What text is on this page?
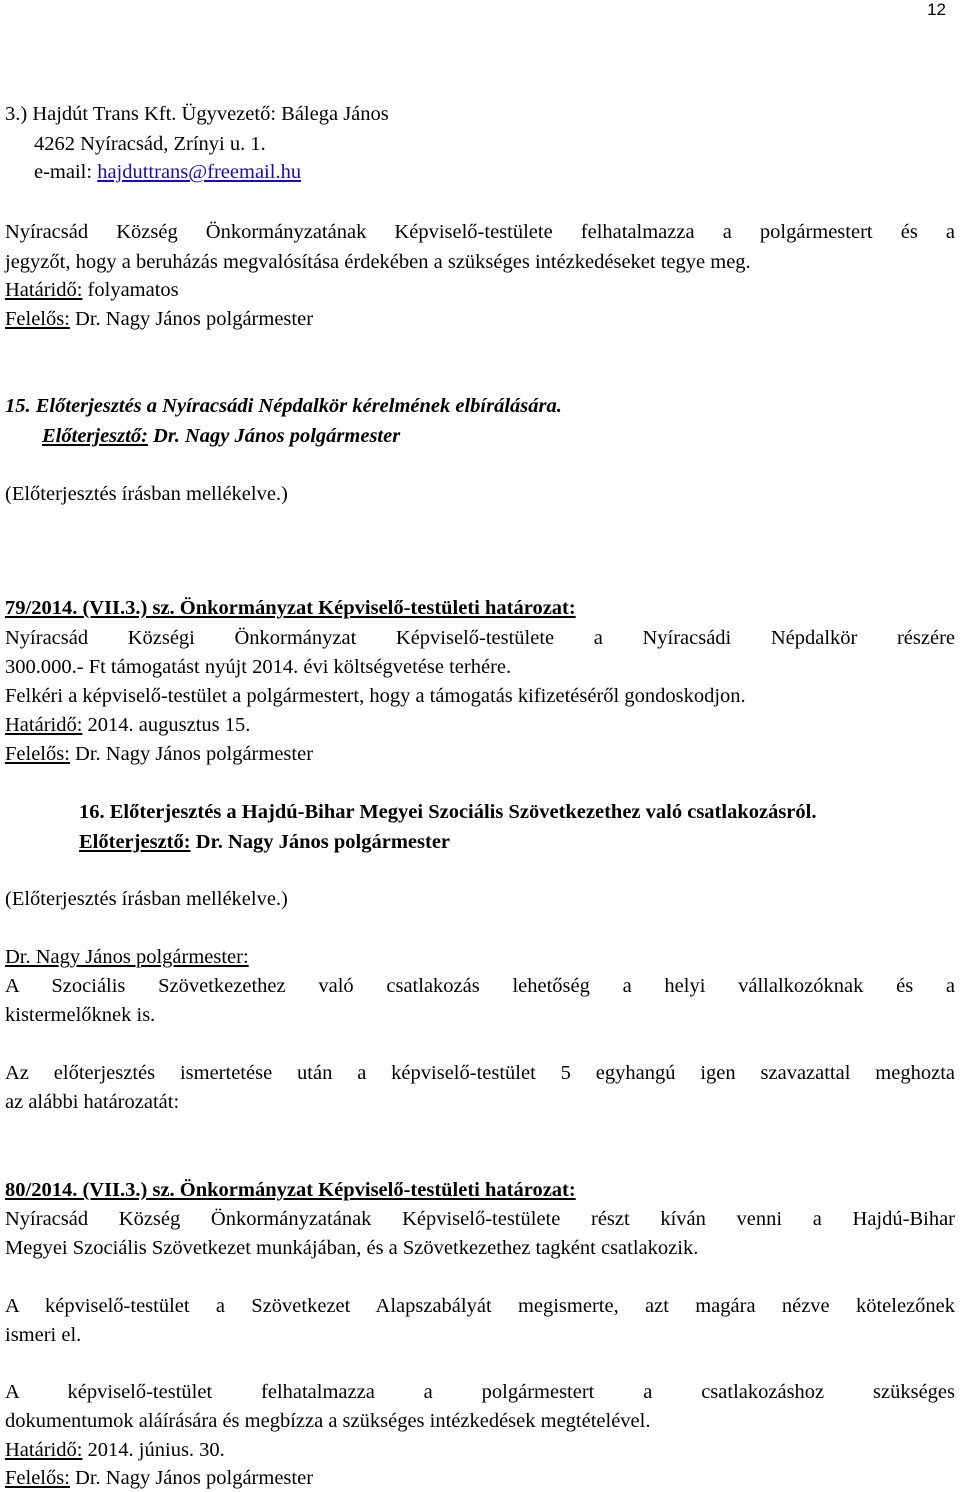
12
3.) Hajdút Trans Kft. Ügyvezető: Bálega János
4262 Nyíracsád, Zrínyi u. 1.
e-mail: hajduttrans@freemail.hu
Nyíracsád Község Önkormányzatának Képviselő-testülete felhatalmazza a polgármestert és a
jegyzőt, hogy a beruházás megvalósítása érdekében a szükséges intézkedéseket tegye meg.
Határidő: folyamatos
Felelős: Dr. Nagy János polgármester
15. Előterjesztés a Nyíracsádi Népdalkör kérelmének elbírálására.
Előterjesztő: Dr. Nagy János polgármester
(Előterjesztés írásban mellékelve.)
79/2014. (VII.3.) sz. Önkormányzat Képviselő-testületi határozat:
Nyíracsád Községi Önkormányzat Képviselő-testülete a Nyíracsádi Népdalkör részére
300.000.- Ft támogatást nyújt 2014. évi költségvetése terhére.
Felkéri a képviselő-testület a polgármestert, hogy a támogatás kifizetéséről gondoskodjon.
Határidő: 2014. augusztus 15.
Felelős: Dr. Nagy János polgármester
16. Előterjesztés a Hajdú-Bihar Megyei Szociális Szövetkezethez való csatlakozásról.
Előterjesztő: Dr. Nagy János polgármester
(Előterjesztés írásban mellékelve.)
Dr. Nagy János polgármester:
A Szociális Szövetkezethez való csatlakozás lehetőség a helyi vállalkozóknak és a
kistermelőknek is.
Az előterjesztés ismertetése után a képviselő-testület 5 egyhangú igen szavazattal meghozta
az alábbi határozatát:
80/2014. (VII.3.) sz. Önkormányzat Képviselő-testületi határozat:
Nyíracsád Község Önkormányzatának Képviselő-testülete részt kíván venni a Hajdú-Bihar
Megyei Szociális Szövetkezet munkájában, és a Szövetkezethez tagként csatlakozik.
A képviselő-testület a Szövetkezet Alapszabályát megismerte, azt magára nézve kötelezőnek
ismeri el.
A képviselő-testület felhatalmazza a polgármestert a csatlakozáshoz szükséges
dokumentumok aláírására és megbízza a szükséges intézkedések megtételével.
Határidő: 2014. június. 30.
Felelős: Dr. Nagy János polgármester
